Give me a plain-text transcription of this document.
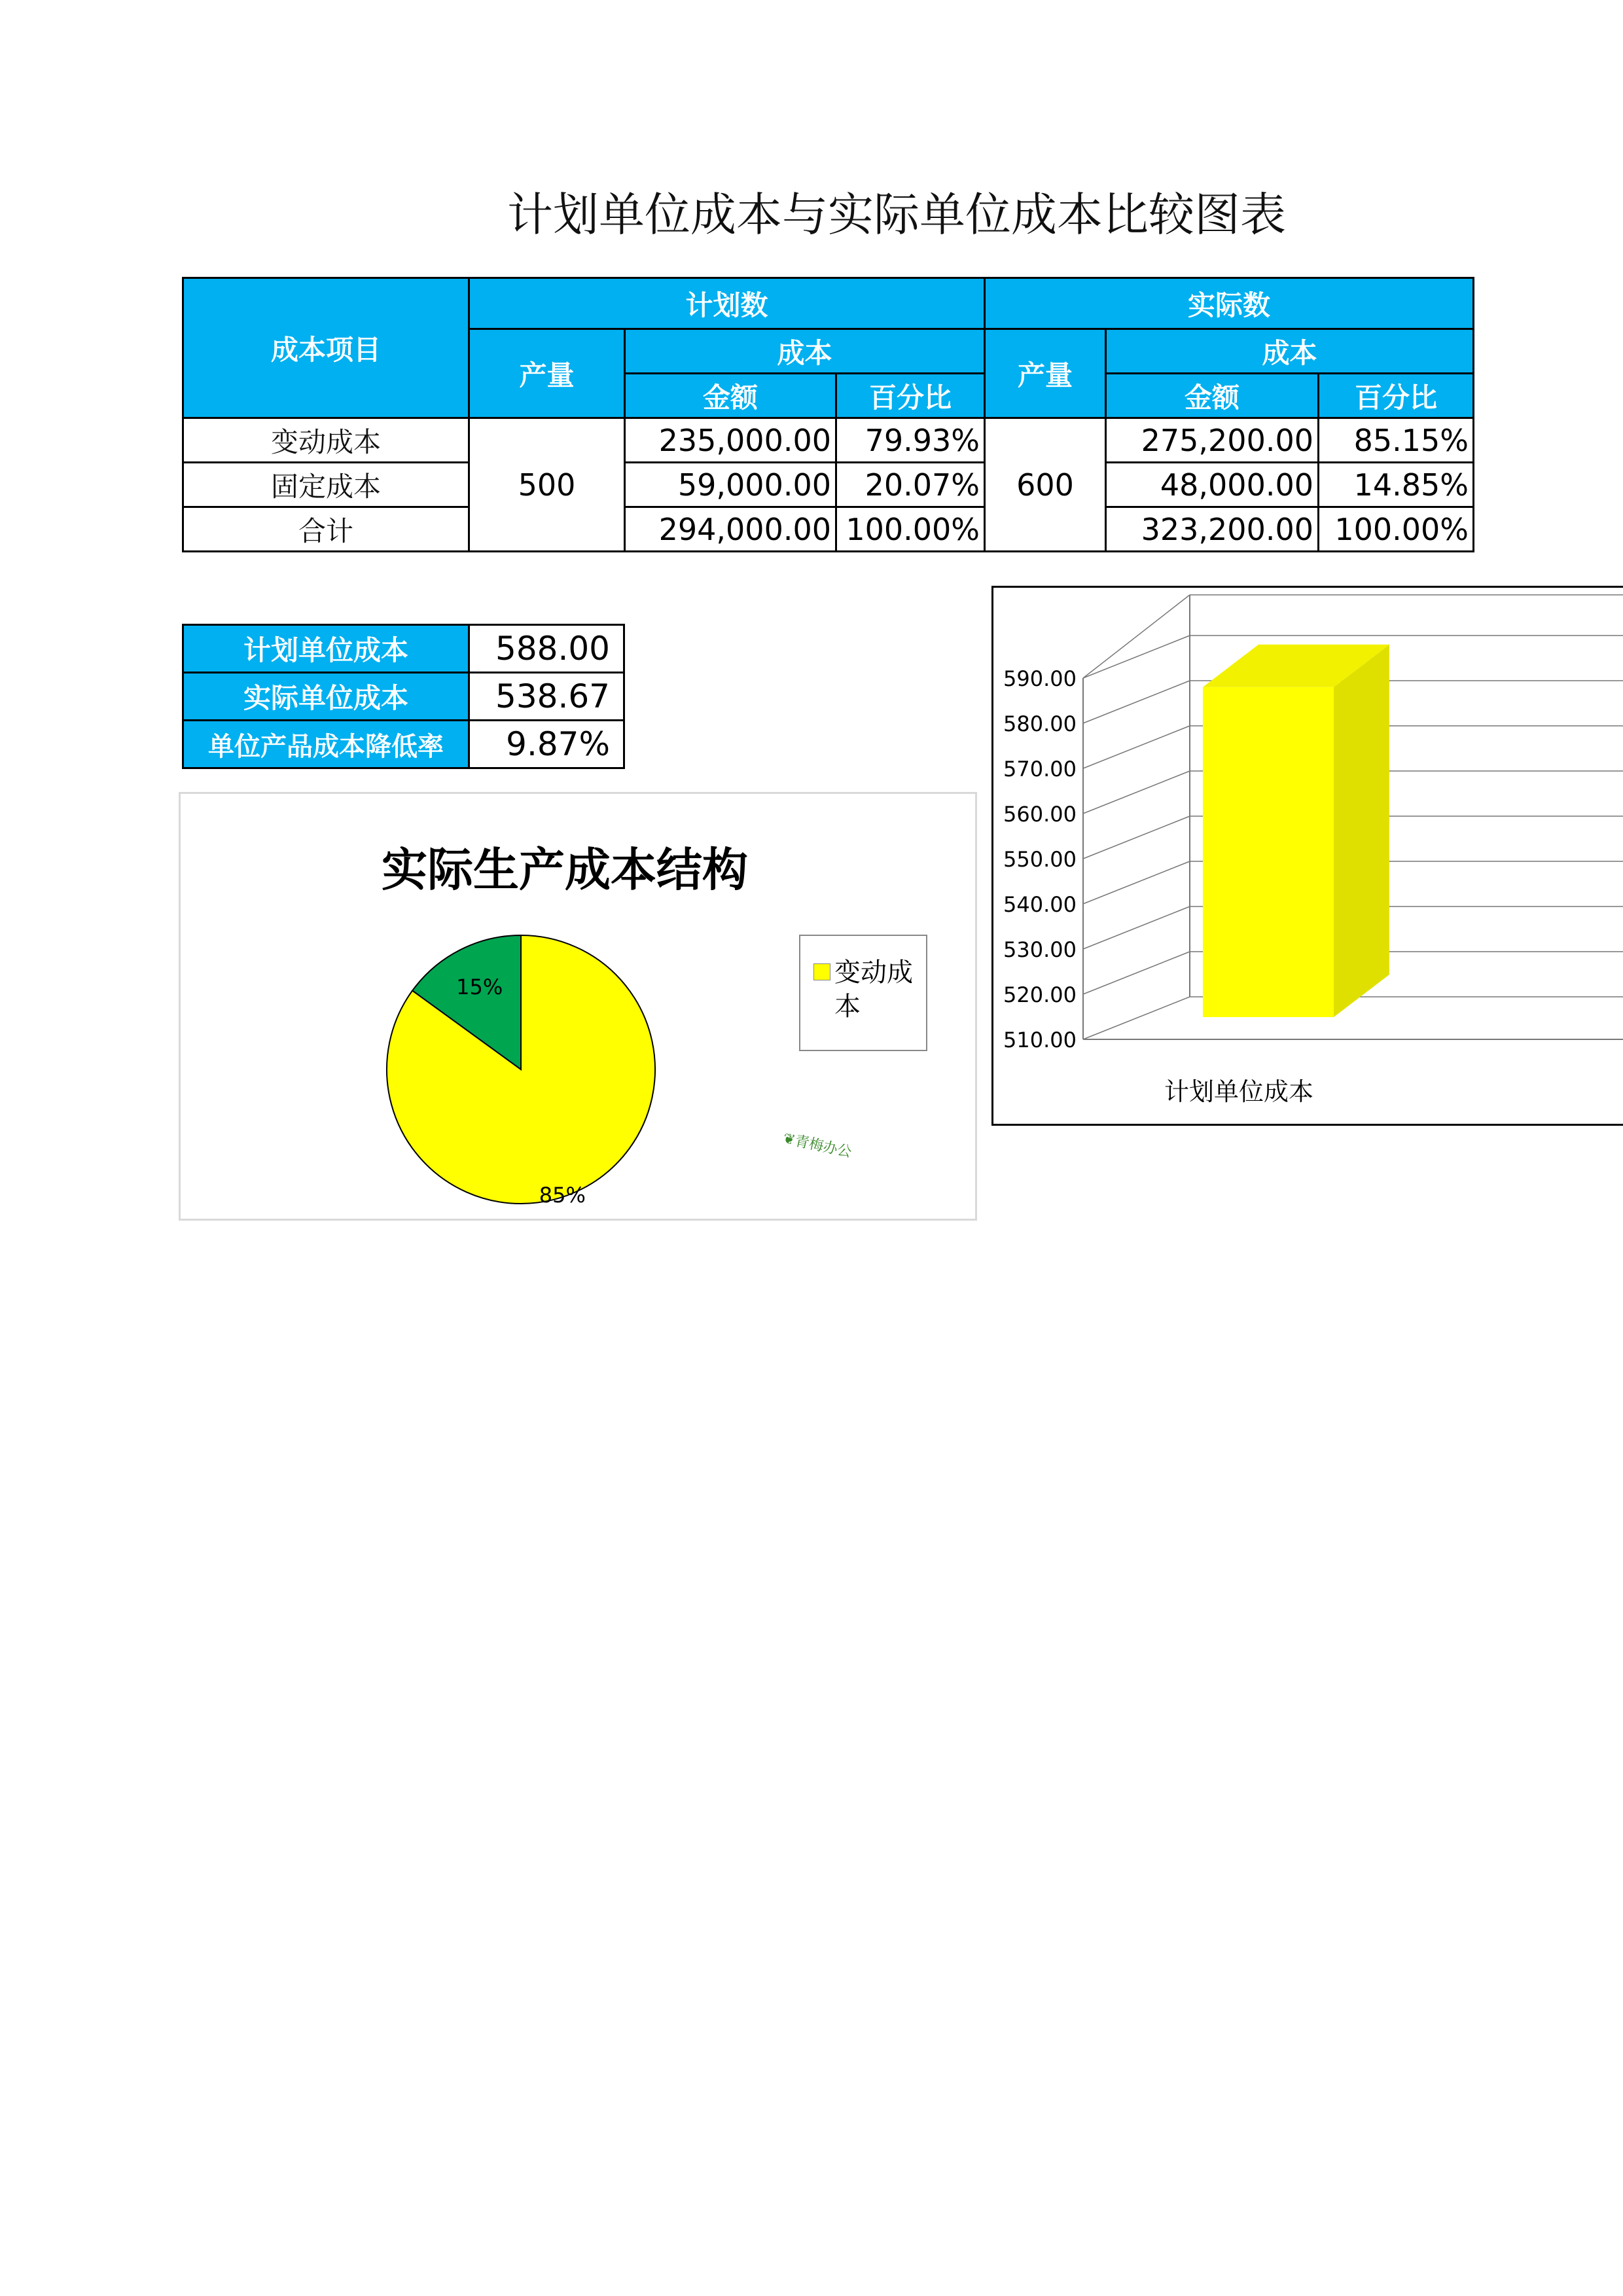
计划单位成本与实际单位成本比较图表
成本项目	计划数			实际数		
	产量	成本		产量	成本	
		金额	百分比		金额	百分比
变动成本	500	235,000.00	79.93%	600	275,200.00	85.15%
固定成本		59,000.00	20.07%		48,000.00	14.85%
合计		294,000.00	100.00%		323,200.00	100.00%
计划单位成本	588.00
实际单位成本	538.67
单位产品成本降低率	9.87%
实际生产成本结构
85%
15%	变动成本
❦青梅办公
510.00
520.00
530.00
540.00
550.00
560.00
570.00
580.00
590.00
计划单位成本
